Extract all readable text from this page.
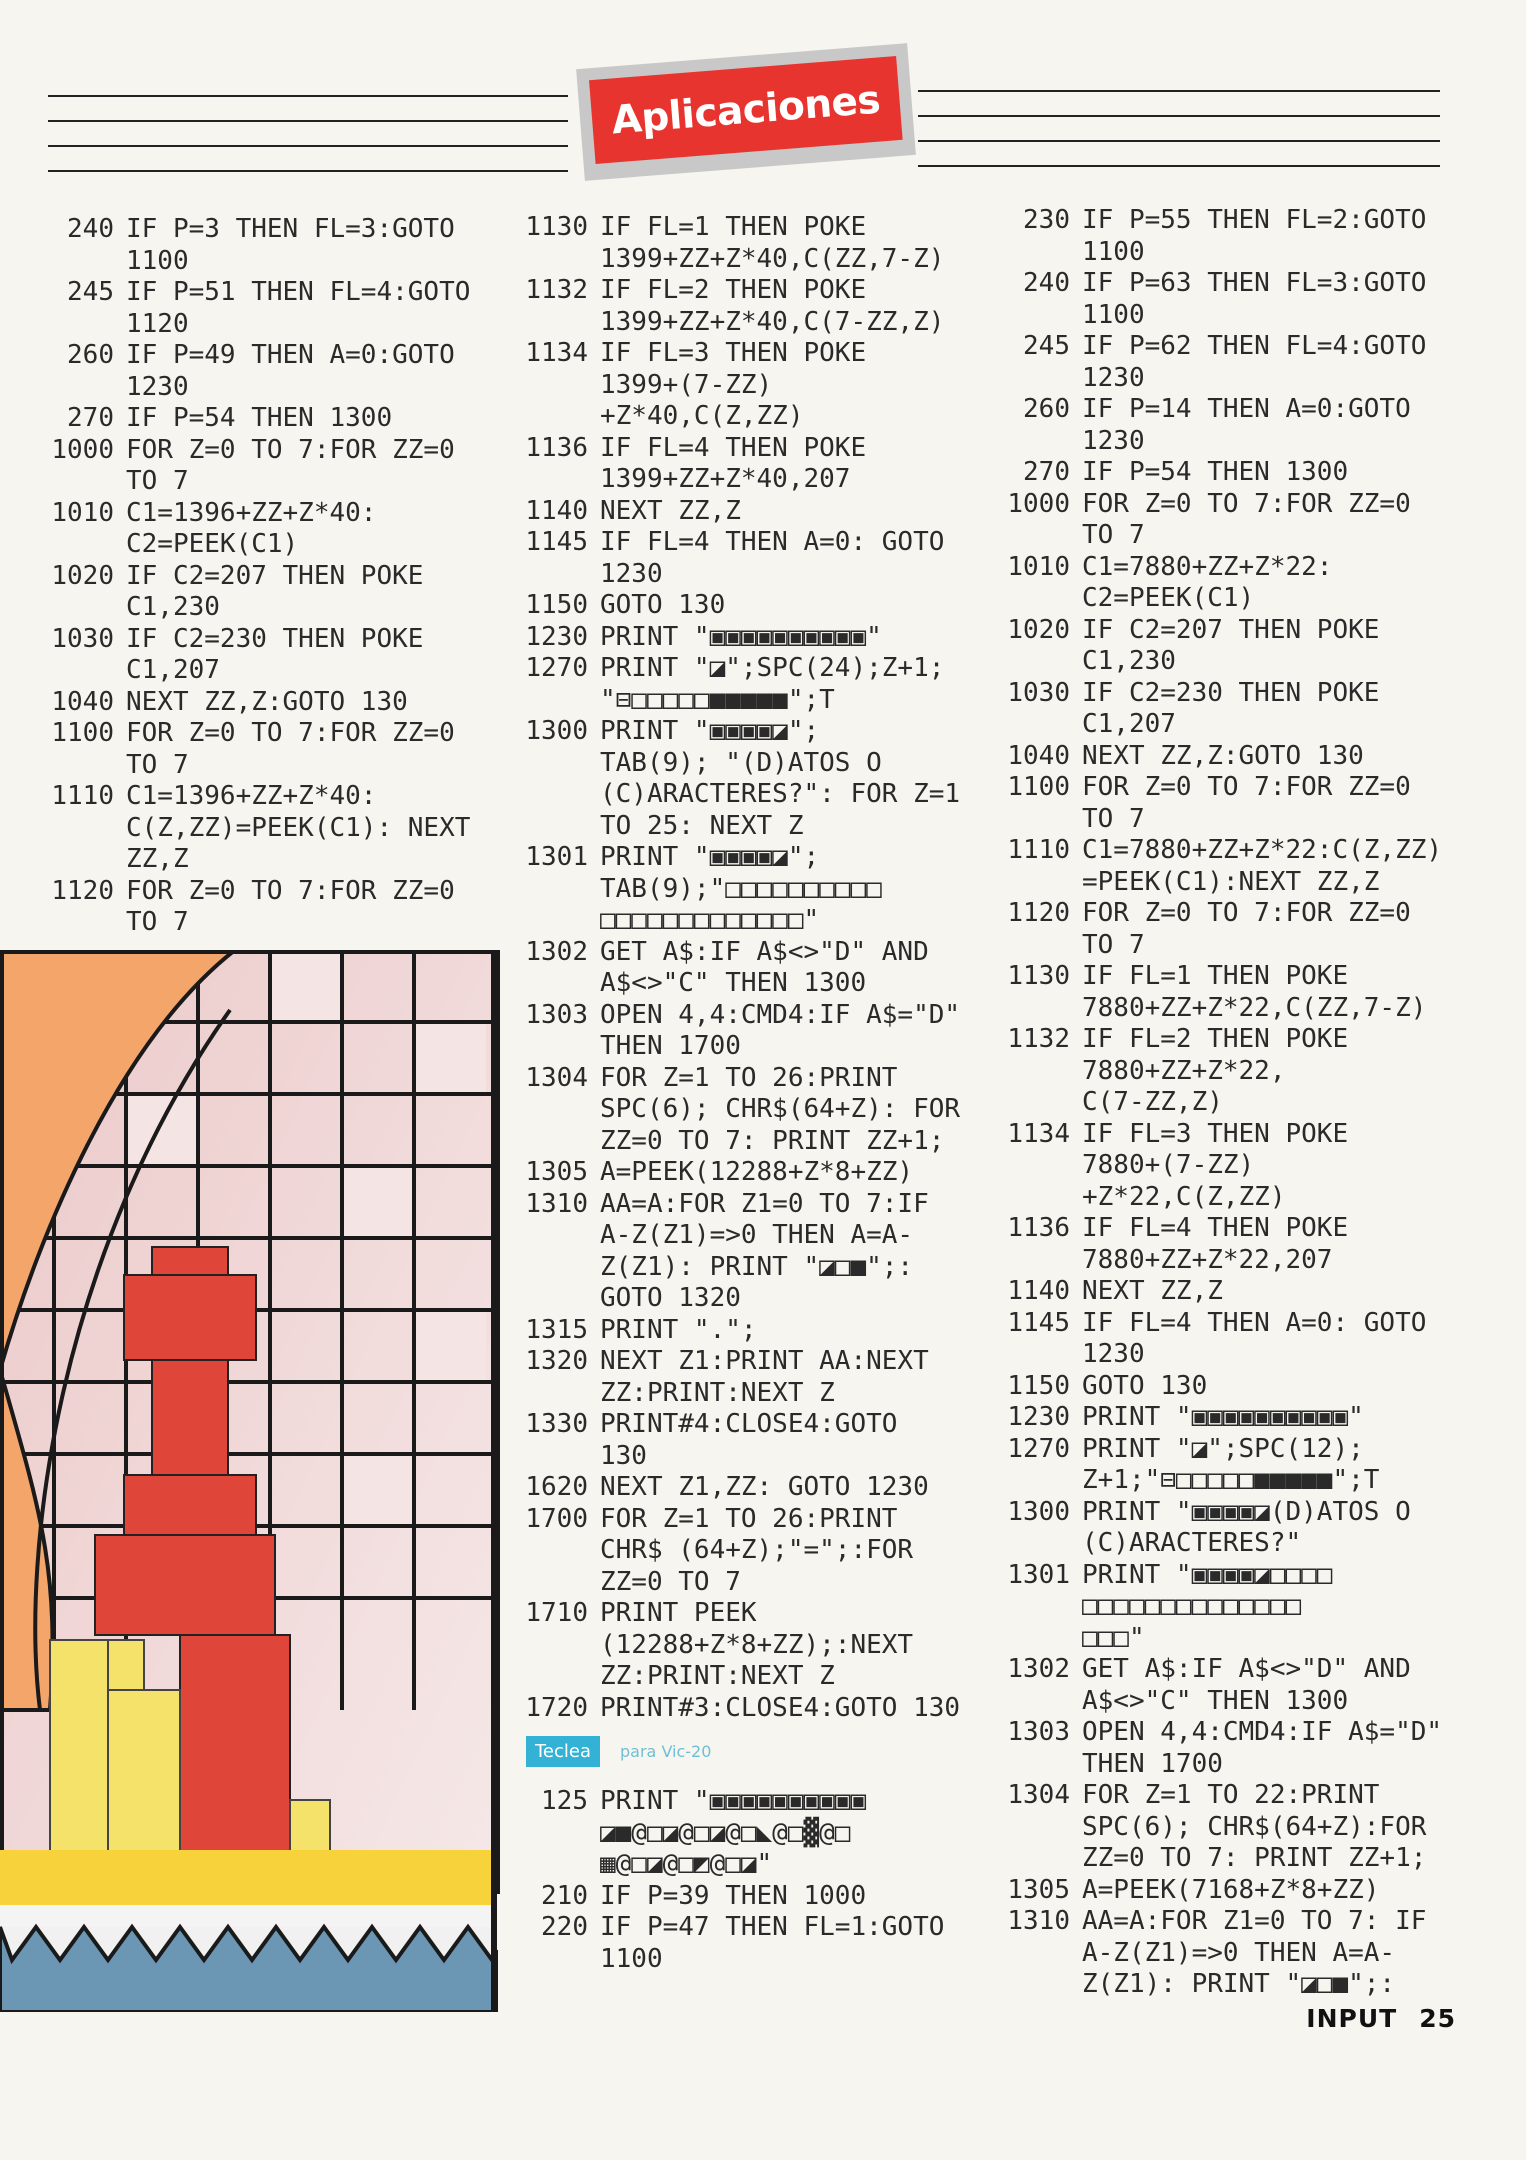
Aplicaciones
240 IF P=3 THEN FL=3:GOTO
1100
245 IF P=51 THEN FL=4:GOTO
1120
260 IF P=49 THEN A=0:GOTO
1230
270 IF P=54 THEN 1300
1000 FOR Z=0 TO 7:FOR ZZ=0
TO 7
1010 C1=1396+ZZ+Z*40:
C2=PEEK(C1)
1020 IF C2=207 THEN POKE
C1,230
1030 IF C2=230 THEN POKE
C1,207
1040 NEXT ZZ,Z:GOTO 130
1100 FOR Z=0 TO 7:FOR ZZ=0
TO 7
1110 C1=1396+ZZ+Z*40:
C(Z,ZZ)=PEEK(C1): NEXT
ZZ,Z
1120 FOR Z=0 TO 7:FOR ZZ=0
TO 7
1130 IF FL=1 THEN POKE
1399+ZZ+Z*40,C(ZZ,7-Z)
1132 IF FL=2 THEN POKE
1399+ZZ+Z*40,C(7-ZZ,Z)
1134 IF FL=3 THEN POKE
1399+(7-ZZ)
+Z*40,C(Z,ZZ)
1136 IF FL=4 THEN POKE
1399+ZZ+Z*40,207
1140 NEXT ZZ,Z
1145 IF FL=4 THEN A=0: GOTO
1230
1150 GOTO 130
1230 PRINT "▣▣▣▣▣▣▣▣▣▣"
1270 PRINT "◪";SPC(24);Z+1;
"⊟□□□□□■■■■■";T
1300 PRINT "▣▣▣▣◪";
TAB(9); "(D)ATOS O
(C)ARACTERES?": FOR Z=1
TO 25: NEXT Z
1301 PRINT "▣▣▣▣◪";
TAB(9);"□□□□□□□□□□
□□□□□□□□□□□□□"
1302 GET A$:IF A$<>"D" AND
A$<>"C" THEN 1300
1303 OPEN 4,4:CMD4:IF A$="D"
THEN 1700
1304 FOR Z=1 TO 26:PRINT
SPC(6); CHR$(64+Z): FOR
ZZ=0 TO 7: PRINT ZZ+1;
1305 A=PEEK(12288+Z*8+ZZ)
1310 AA=A:FOR Z1=0 TO 7:IF
A-Z(Z1)=>0 THEN A=A-
Z(Z1): PRINT "◪□■";:
GOTO 1320
1315 PRINT ".";
1320 NEXT Z1:PRINT AA:NEXT
ZZ:PRINT:NEXT Z
1330 PRINT#4:CLOSE4:GOTO
130
1620 NEXT Z1,ZZ: GOTO 1230
1700 FOR Z=1 TO 26:PRINT
CHR$ (64+Z);"=";:FOR
ZZ=0 TO 7
1710 PRINT PEEK
(12288+Z*8+ZZ);:NEXT
ZZ:PRINT:NEXT Z
1720 PRINT#3:CLOSE4:GOTO 130
Teclea	para Vic-20
125 PRINT "▣▣▣▣▣▣▣▣▣▣
◪■@□◪@□◪@□◣@□▓@□
▦@□◪@□◩@□◪"
210 IF P=39 THEN 1000
220 IF P=47 THEN FL=1:GOTO
1100
230 IF P=55 THEN FL=2:GOTO
1100
240 IF P=63 THEN FL=3:GOTO
1100
245 IF P=62 THEN FL=4:GOTO
1230
260 IF P=14 THEN A=0:GOTO
1230
270 IF P=54 THEN 1300
1000 FOR Z=0 TO 7:FOR ZZ=0
TO 7
1010 C1=7880+ZZ+Z*22:
C2=PEEK(C1)
1020 IF C2=207 THEN POKE
C1,230
1030 IF C2=230 THEN POKE
C1,207
1040 NEXT ZZ,Z:GOTO 130
1100 FOR Z=0 TO 7:FOR ZZ=0
TO 7
1110 C1=7880+ZZ+Z*22:C(Z,ZZ)
=PEEK(C1):NEXT ZZ,Z
1120 FOR Z=0 TO 7:FOR ZZ=0
TO 7
1130 IF FL=1 THEN POKE
7880+ZZ+Z*22,C(ZZ,7-Z)
1132 IF FL=2 THEN POKE
7880+ZZ+Z*22,
C(7-ZZ,Z)
1134 IF FL=3 THEN POKE
7880+(7-ZZ)
+Z*22,C(Z,ZZ)
1136 IF FL=4 THEN POKE
7880+ZZ+Z*22,207
1140 NEXT ZZ,Z
1145 IF FL=4 THEN A=0: GOTO
1230
1150 GOTO 130
1230 PRINT "▣▣▣▣▣▣▣▣▣▣"
1270 PRINT "◪";SPC(12);
Z+1;"⊟□□□□□■■■■■";T
1300 PRINT "▣▣▣▣◪(D)ATOS O
(C)ARACTERES?"
1301 PRINT "▣▣▣▣◪□□□□
□□□□□□□□□□□□□□
□□□"
1302 GET A$:IF A$<>"D" AND
A$<>"C" THEN 1300
1303 OPEN 4,4:CMD4:IF A$="D"
THEN 1700
1304 FOR Z=1 TO 22:PRINT
SPC(6); CHR$(64+Z):FOR
ZZ=0 TO 7: PRINT ZZ+1;
1305 A=PEEK(7168+Z*8+ZZ)
1310 AA=A:FOR Z1=0 TO 7: IF
A-Z(Z1)=>0 THEN A=A-
Z(Z1): PRINT "◪□■";:
INPUT 25
